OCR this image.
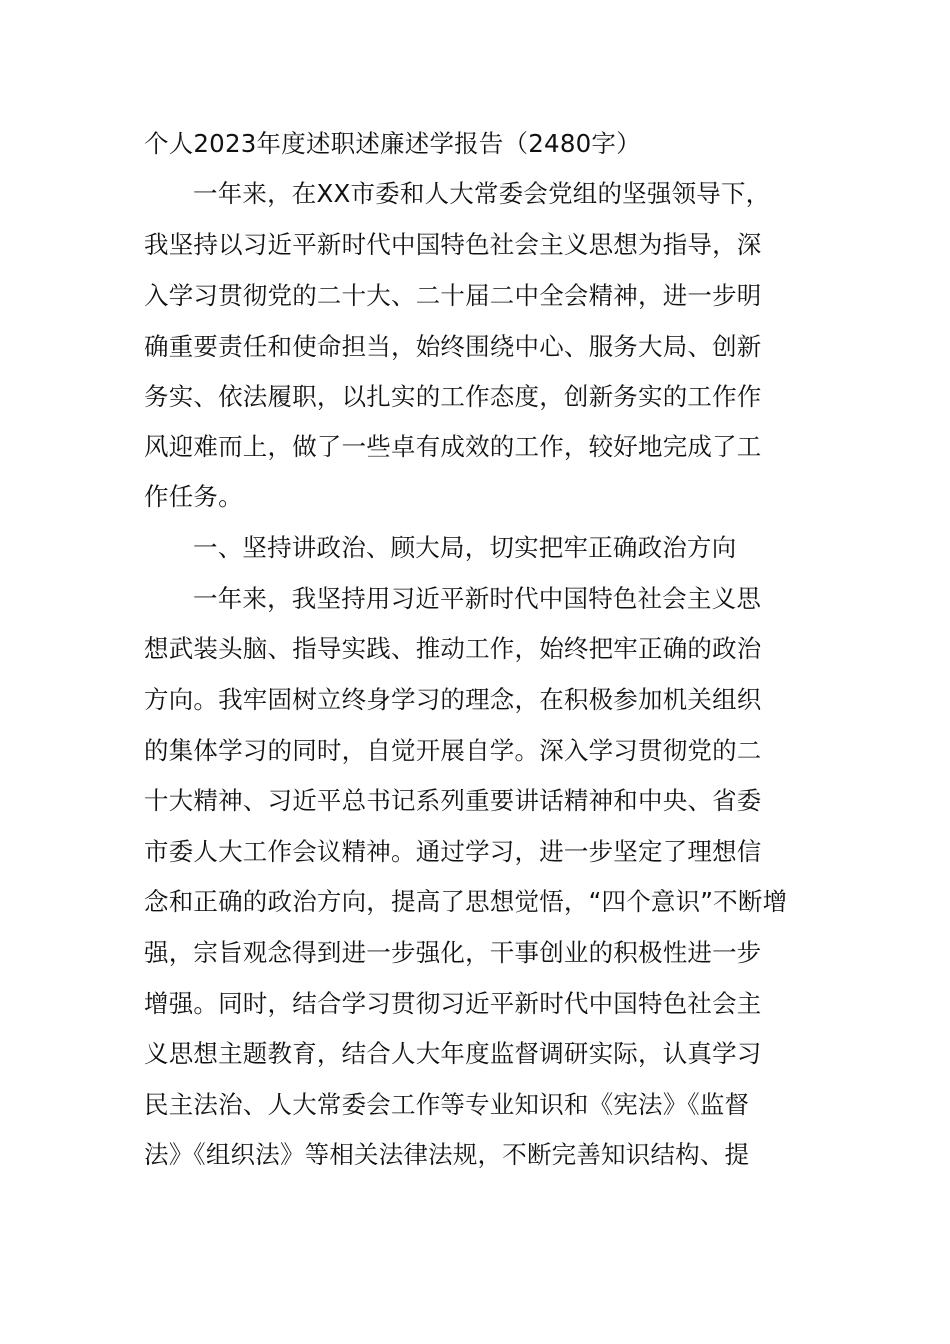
个人2023年度述职述廉述学报告（2480字）
一年来，在XX市委和人大常委会党组的坚强领导下，
我坚持以习近平新时代中国特色社会主义思想为指导，深
入学习贯彻党的二十大、二十届二中全会精神，进一步明
确重要责任和使命担当，始终围绕中心、服务大局、创新
务实、依法履职，以扎实的工作态度，创新务实的工作作
风迎难而上，做了一些卓有成效的工作，较好地完成了工
作任务。
一、坚持讲政治、顾大局，切实把牢正确政治方向
一年来，我坚持用习近平新时代中国特色社会主义思
想武装头脑、指导实践、推动工作，始终把牢正确的政治
方向。我牢固树立终身学习的理念，在积极参加机关组织
的集体学习的同时，自觉开展自学。深入学习贯彻党的二
十大精神、习近平总书记系列重要讲话精神和中央、省委
市委人大工作会议精神。通过学习，进一步坚定了理想信
念和正确的政治方向，提高了思想觉悟，“四个意识”不断增
强，宗旨观念得到进一步强化，干事创业的积极性进一步
增强。同时，结合学习贯彻习近平新时代中国特色社会主
义思想主题教育，结合人大年度监督调研实际，认真学习
民主法治、人大常委会工作等专业知识和《宪法》《监督
法》《组织法》等相关法律法规，不断完善知识结构、提
